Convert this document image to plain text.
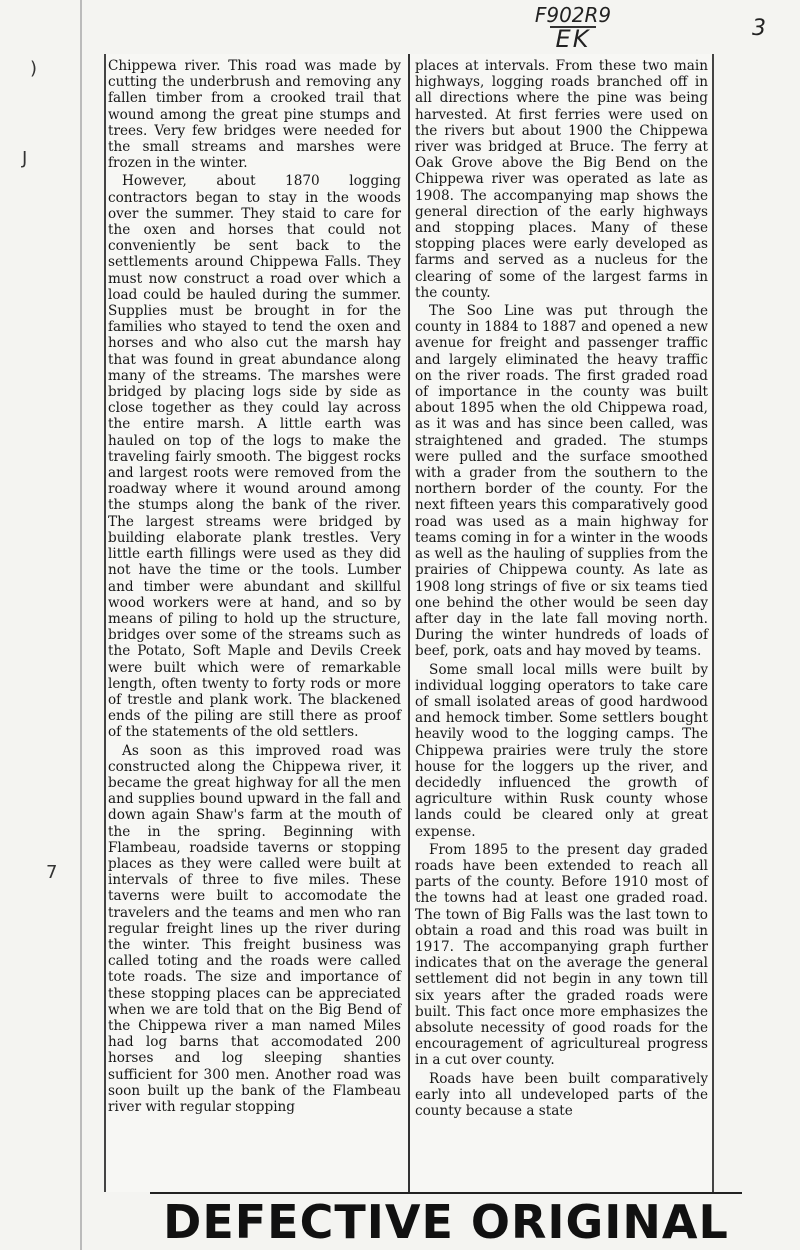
)
J
7
F902R9
EK	3

Chippewa river. This road was made by cutting the underbrush and removing any fallen timber from a crooked trail that wound among the great pine stumps and trees. Very few bridges were needed for the small streams and marshes were frozen in the winter.

However, about 1870 logging contractors began to stay in the woods over the summer. They staid to care for the oxen and horses that could not conveniently be sent back to the settlements around Chippewa Falls. They must now construct a road over which a load could be hauled during the summer. Supplies must be brought in for the families who stayed to tend the oxen and horses and who also cut the marsh hay that was found in great abundance along many of the streams. The marshes were bridged by placing logs side by side as close together as they could lay across the entire marsh. A little earth was hauled on top of the logs to make the traveling fairly smooth. The biggest rocks and largest roots were removed from the roadway where it wound around among the stumps along the bank of the river. The largest streams were bridged by building elaborate plank trestles. Very little earth fillings were used as they did not have the time or the tools. Lumber and timber were abundant and skillful wood workers were at hand, and so by means of piling to hold up the structure, bridges over some of the streams such as the Potato, Soft Maple and Devils Creek were built which were of remarkable length, often twenty to forty rods or more of trestle and plank work. The blackened ends of the piling are still there as proof of the statements of the old settlers.

As soon as this improved road was constructed along the Chippewa river, it became the great highway for all the men and supplies bound upward in the fall and down again Shaw's farm at the mouth of the in the spring. Beginning with Flambeau, roadside taverns or stopping places as they were called were built at intervals of three to five miles. These taverns were built to accomodate the travelers and the teams and men who ran regular freight lines up the river during the winter. This freight business was called toting and the roads were called tote roads. The size and importance of these stopping places can be appreciated when we are told that on the Big Bend of the Chippewa river a man named Miles had log barns that accomodated 200 horses and log sleeping shanties sufficient for 300 men. Another road was soon built up the bank of the Flambeau river with regular stopping

places at intervals. From these two main highways, logging roads branched off in all directions where the pine was being harvested. At first ferries were used on the rivers but about 1900 the Chippewa river was bridged at Bruce. The ferry at Oak Grove above the Big Bend on the Chippewa river was operated as late as 1908. The accompanying map shows the general direction of the early highways and stopping places. Many of these stopping places were early developed as farms and served as a nucleus for the clearing of some of the largest farms in the county.

The Soo Line was put through the county in 1884 to 1887 and opened a new avenue for freight and passenger traffic and largely eliminated the heavy traffic on the river roads. The first graded road of importance in the county was built about 1895 when the old Chippewa road, as it was and has since been called, was straightened and graded. The stumps were pulled and the surface smoothed with a grader from the southern to the northern border of the county. For the next fifteen years this comparatively good road was used as a main highway for teams coming in for a winter in the woods as well as the hauling of supplies from the prairies of Chippewa county. As late as 1908 long strings of five or six teams tied one behind the other would be seen day after day in the late fall moving north. During the winter hundreds of loads of beef, pork, oats and hay moved by teams.

Some small local mills were built by individual logging operators to take care of small isolated areas of good hardwood and hemock timber. Some settlers bought heavily wood to the logging camps. The Chippewa prairies were truly the store house for the loggers up the river, and decidedly influenced the growth of agriculture within Rusk county whose lands could be cleared only at great expense.

From 1895 to the present day graded roads have been extended to reach all parts of the county. Before 1910 most of the towns had at least one graded road. The town of Big Falls was the last town to obtain a road and this road was built in 1917. The accompanying graph further indicates that on the average the general settlement did not begin in any town till six years after the graded roads were built. This fact once more emphasizes the absolute necessity of good roads for the encouragement of agricultureal progress in a cut over county.

Roads have been built comparatively early into all undeveloped parts of the county because a state

DEFECTIVE ORIGINAL
